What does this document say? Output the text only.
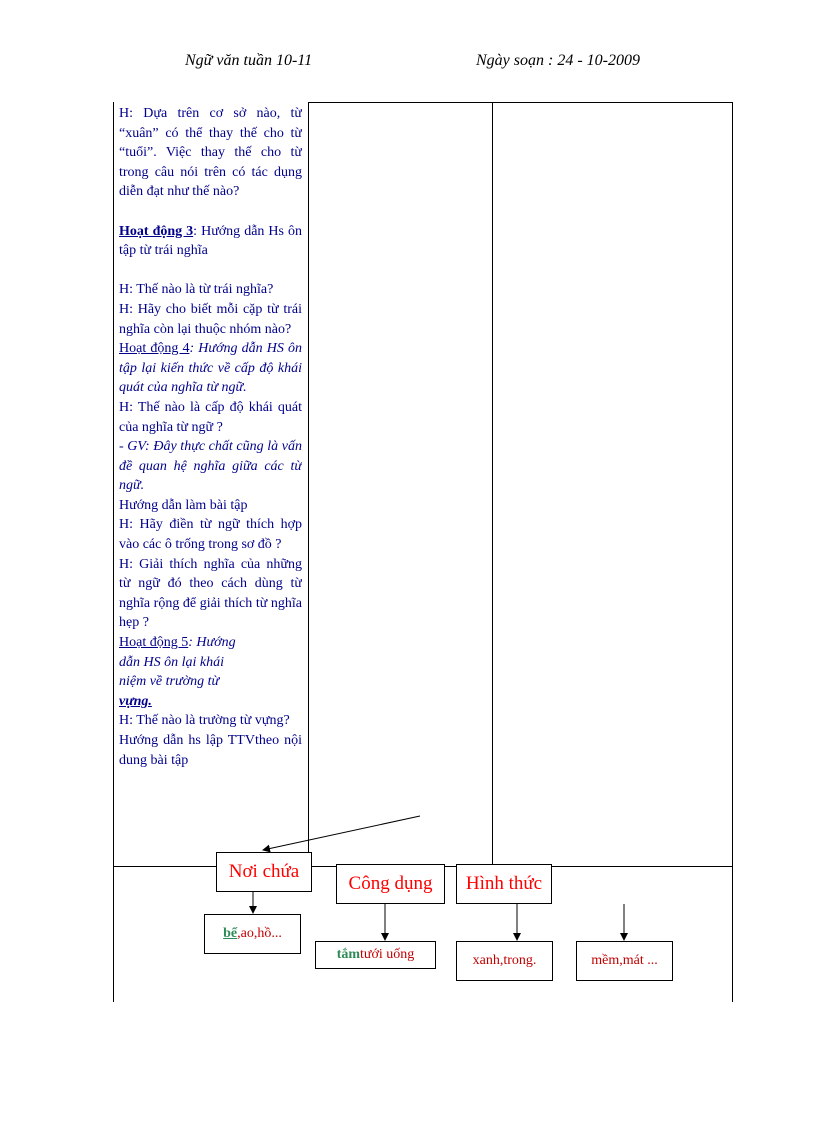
Ngữ văn tuần 10-11	Ngày soạn : 24 - 10-2009

H: Dựa trên cơ sở nào, từ “xuân” có thể thay thế cho từ “tuổi”. Việc thay thế cho từ trong câu nói trên có tác dụng diễn đạt như thế nào?

Hoạt động 3: Hướng dẫn Hs ôn tập từ trái nghĩa

H: Thế nào là từ trái nghĩa?

H: Hãy cho biết mỗi cặp từ trái nghĩa còn lại thuộc nhóm nào?

Hoạt động 4: Hướng dẫn HS ôn tập lại kiến thức về cấp độ khái quát của nghĩa từ ngữ.

H: Thế nào là cấp độ khái quát của nghĩa từ ngữ ?

- GV: Đây thực chất cũng là vấn đề quan hệ nghĩa giữa các từ ngữ.

Hướng dẫn làm bài tập

H: Hãy điền từ ngữ thích hợp vào các ô trống trong sơ đồ ?

H: Giải thích nghĩa của những từ ngữ đó theo cách dùng từ nghĩa rộng để giải thích từ nghĩa hẹp ?

Hoạt động 5: Hướng
dẫn HS ôn lại khái
niệm về trường từ
vựng.

H: Thế nào là trường từ vựng?

Hướng dẫn hs lập TTVtheo nội dung bài tập

Nơi chứa
Công dụng	Hình thức
bể ,ao,hồ...
tắm tưới uống	xanh,trong.	mềm,mát ...
